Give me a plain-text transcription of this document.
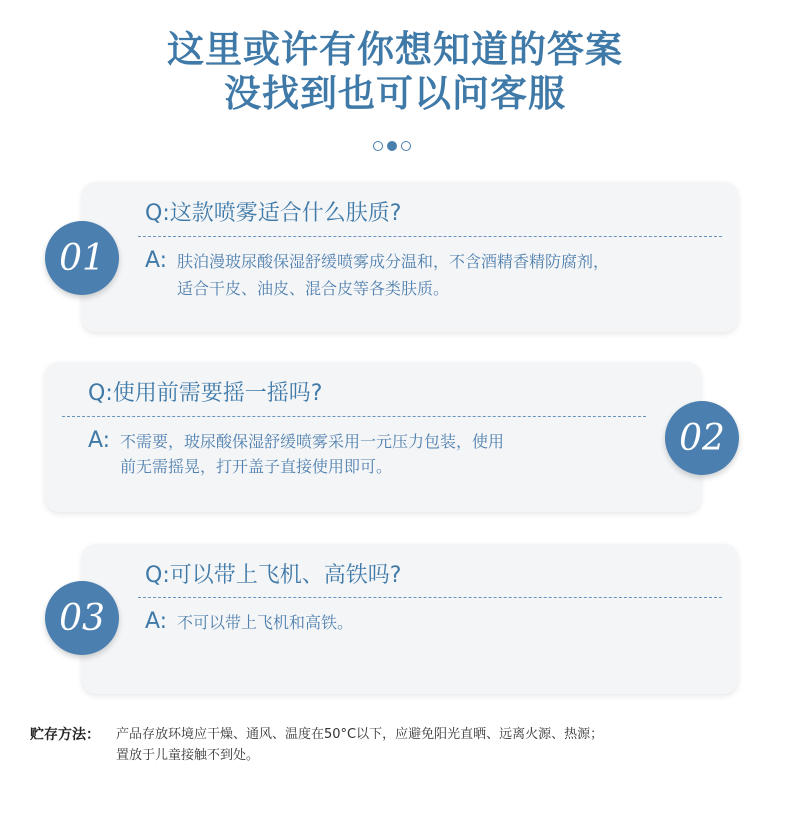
这里或许有你想知道的答案
没找到也可以问客服
01
Q:这款喷雾适合什么肤质?
A: 肤泊漫玻尿酸保湿舒缓喷雾成分温和，不含酒精香精防腐剂，
适合干皮、油皮、混合皮等各类肤质。
02
Q:使用前需要摇一摇吗?
A: 不需要，玻尿酸保湿舒缓喷雾采用一元压力包装，使用
前无需摇晃，打开盖子直接使用即可。
03
Q:可以带上飞机、高铁吗?
A: 不可以带上飞机和高铁。
贮存方法： 产品存放环境应干燥、通风、温度在50°C以下，应避免阳光直晒、远离火源、热源；
置放于儿童接触不到处。
